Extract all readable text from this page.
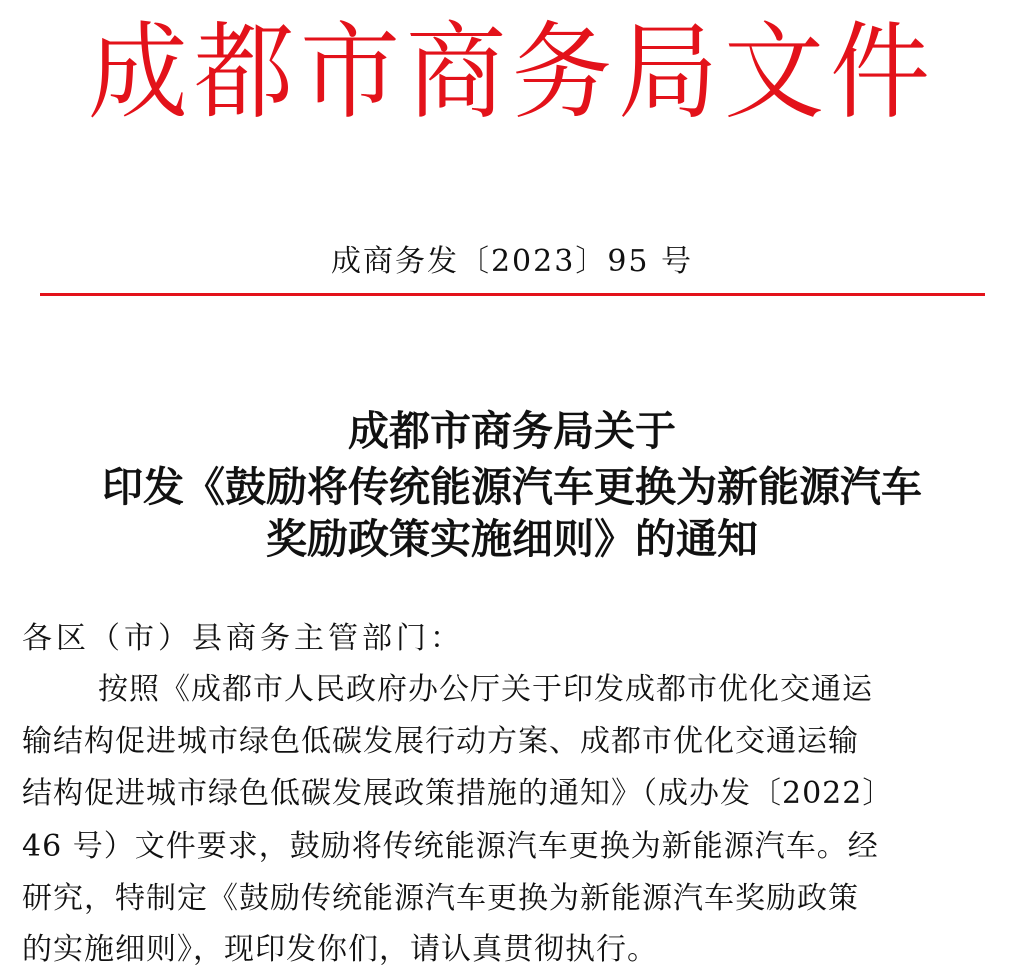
成都市商务局文件
成商务发〔2023〕95 号
成都市商务局关于
印发《鼓励将传统能源汽车更换为新能源汽车
奖励政策实施细则》的通知
各区（市）县商务主管部门：
按照《成都市人民政府办公厅关于印发成都市优化交通运
输结构促进城市绿色低碳发展行动方案、成都市优化交通运输
结构促进城市绿色低碳发展政策措施的通知》（成办发〔2022〕
46 号）文件要求，鼓励将传统能源汽车更换为新能源汽车。经
研究，特制定《鼓励传统能源汽车更换为新能源汽车奖励政策
的实施细则》，现印发你们，请认真贯彻执行。
